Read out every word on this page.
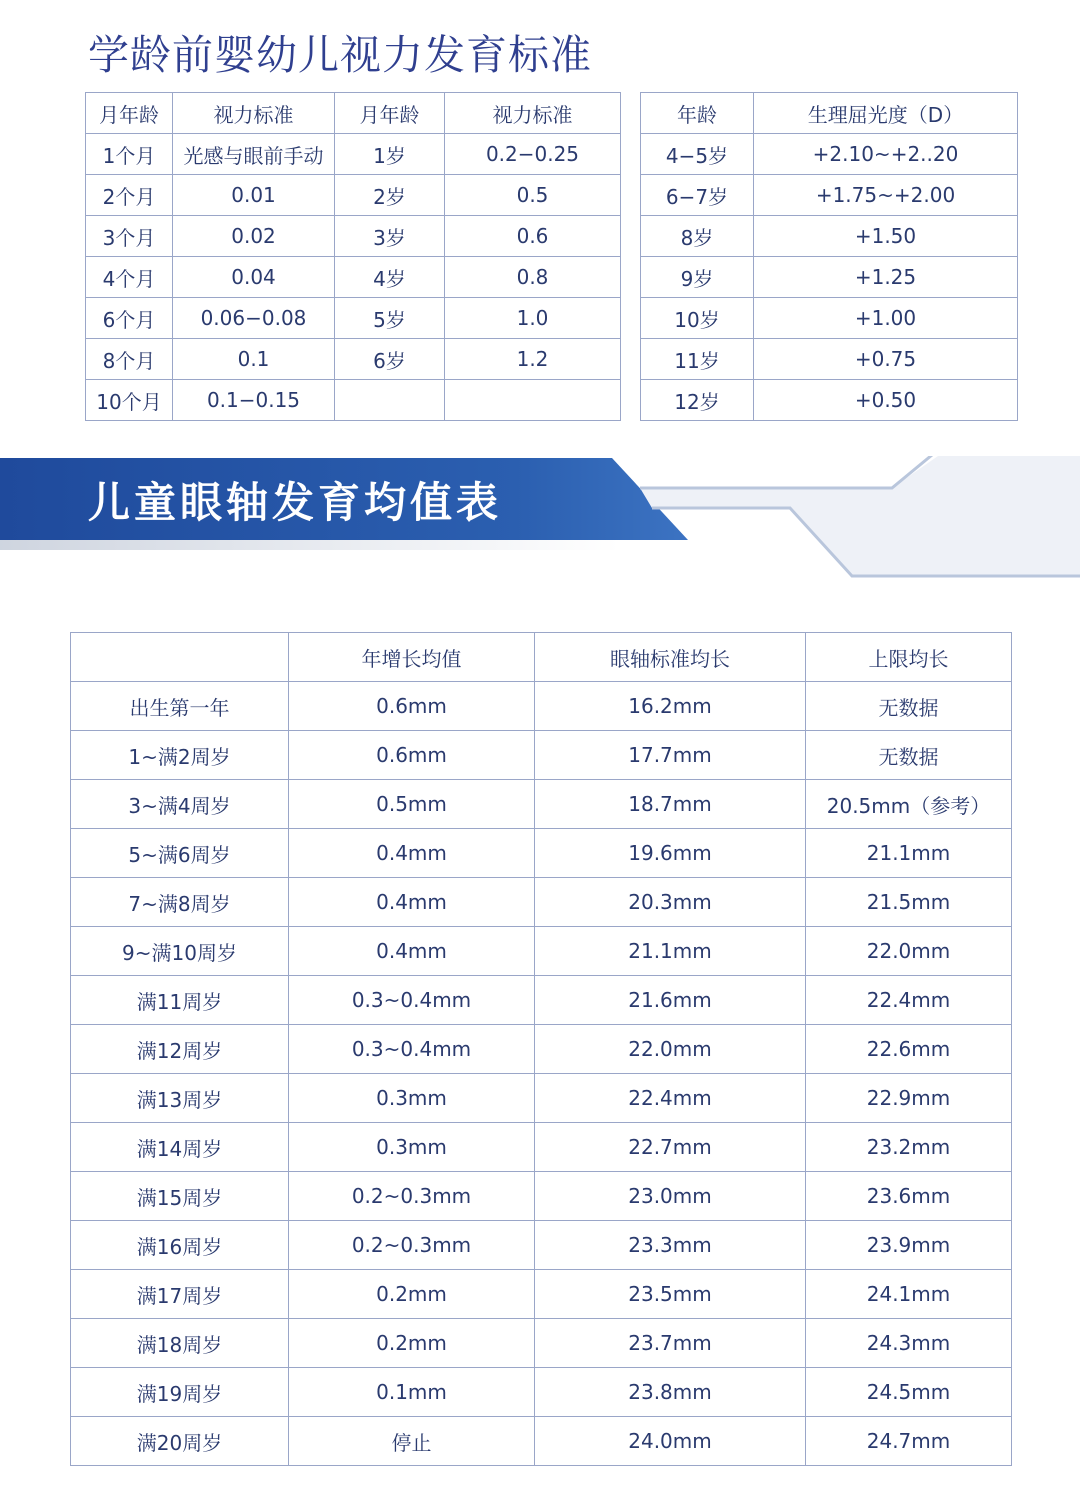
学龄前婴幼儿视力发育标准
月年龄	视力标准	月年龄	视力标准
1个月	光感与眼前手动	1岁	0.2−0.25
2个月	0.01	2岁	0.5
3个月	0.02	3岁	0.6
4个月	0.04	4岁	0.8
6个月	0.06−0.08	5岁	1.0
8个月	0.1	6岁	1.2
10个月	0.1−0.15		
年龄	生理屈光度（D）
4−5岁	+2.10~+2..20
6−7岁	+1.75~+2.00
8岁	+1.50
9岁	+1.25
10岁	+1.00
11岁	+0.75
12岁	+0.50
儿童眼轴发育均值表
	年增长均值	眼轴标准均长	上限均长
出生第一年	0.6mm	16.2mm	无数据
1~满2周岁	0.6mm	17.7mm	无数据
3~满4周岁	0.5mm	18.7mm	20.5mm（参考）
5~满6周岁	0.4mm	19.6mm	21.1mm
7~满8周岁	0.4mm	20.3mm	21.5mm
9~满10周岁	0.4mm	21.1mm	22.0mm
满11周岁	0.3~0.4mm	21.6mm	22.4mm
满12周岁	0.3~0.4mm	22.0mm	22.6mm
满13周岁	0.3mm	22.4mm	22.9mm
满14周岁	0.3mm	22.7mm	23.2mm
满15周岁	0.2~0.3mm	23.0mm	23.6mm
满16周岁	0.2~0.3mm	23.3mm	23.9mm
满17周岁	0.2mm	23.5mm	24.1mm
满18周岁	0.2mm	23.7mm	24.3mm
满19周岁	0.1mm	23.8mm	24.5mm
满20周岁	停止	24.0mm	24.7mm
